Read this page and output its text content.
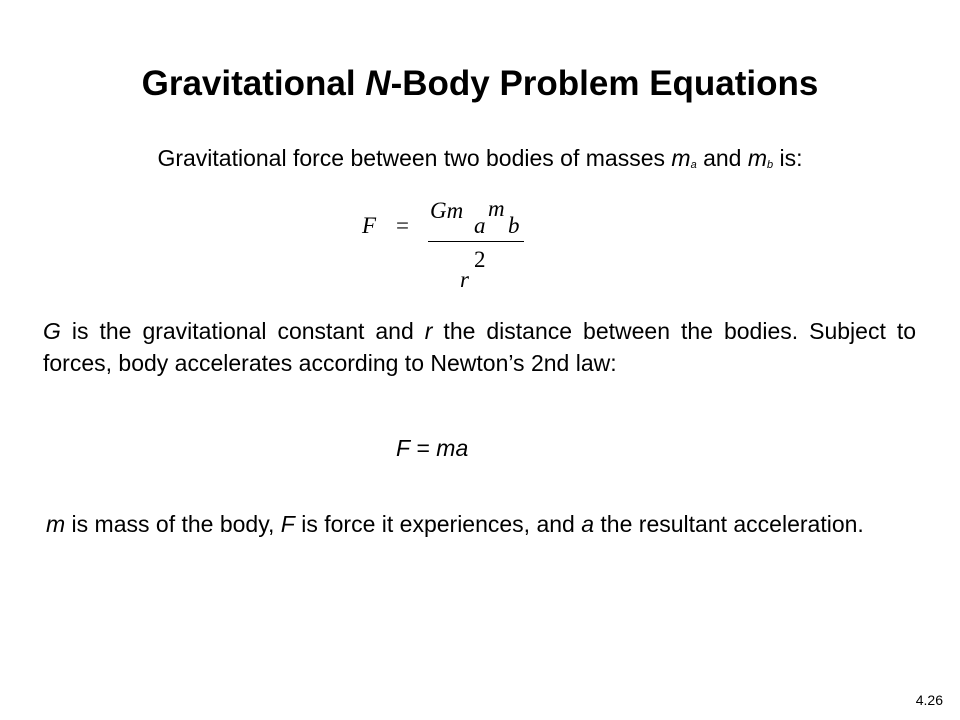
Gravitational N-Body Problem Equations

Gravitational force between two bodies of masses $m_a$ and $m_b$ is:

F =
Gm
a
m
b
r
2

G is the gravitational constant and r the distance between the bodies. Subject to forces, body accelerates according to Newton’s 2nd law:

F = ma

m is mass of the body, F is force it experiences, and a the resultant acceleration.

4.26
